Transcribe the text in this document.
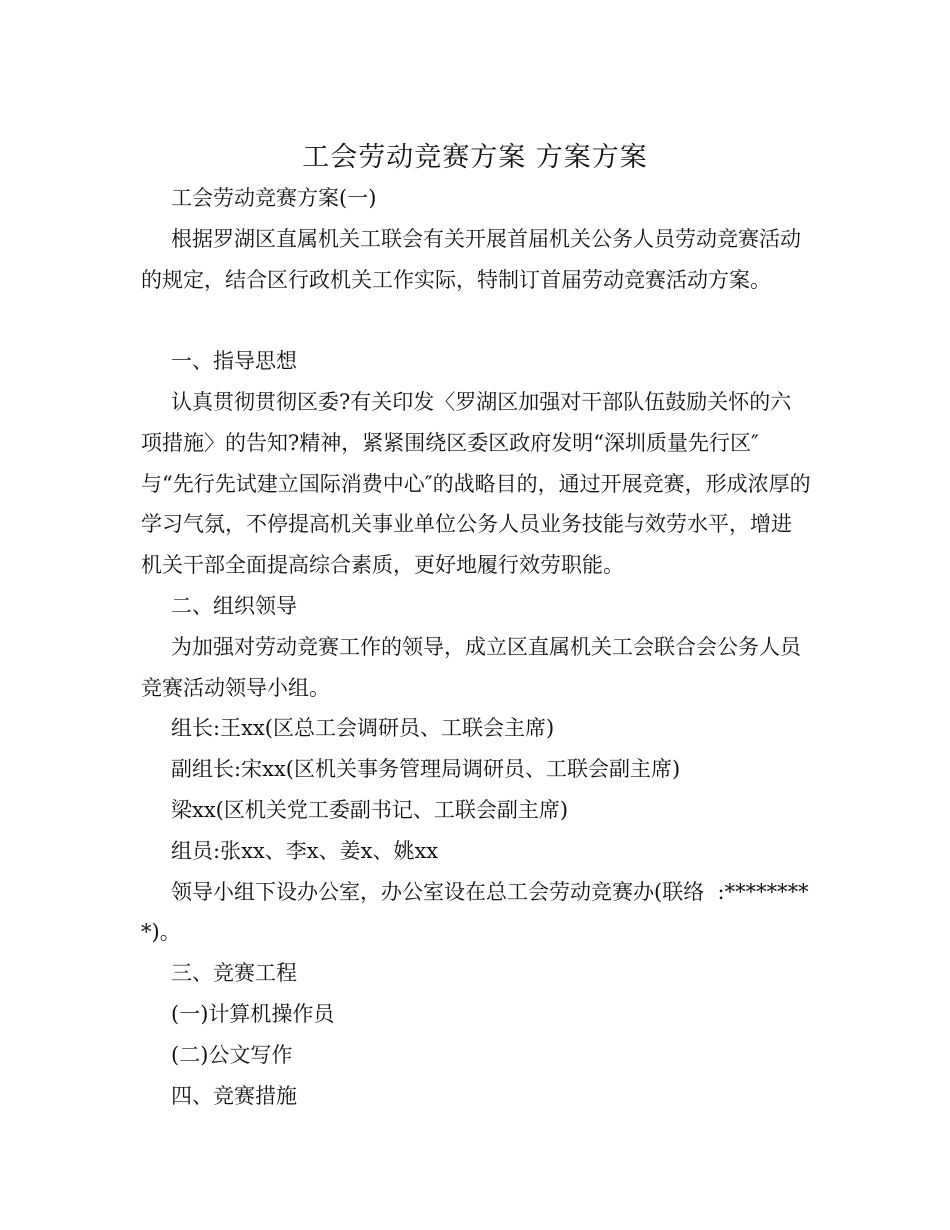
工会劳动竞赛方案 方案方案

工会劳动竞赛方案(一)

根据罗湖区直属机关工联会有关开展首届机关公务人员劳动竞赛活动的规定，结合区行政机关工作实际，特制订首届劳动竞赛活动方案。

一、指导思想

认真贯彻贯彻区委?有关印发〈罗湖区加强对干部队伍鼓励关怀的六项措施〉的告知?精神，紧紧围绕区委区政府发明“深圳质量先行区″与“先行先试建立国际消费中心″的战略目的，通过开展竞赛，形成浓厚的学习气氛，不停提高机关事业单位公务人员业务技能与效劳水平，增进机关干部全面提高综合素质，更好地履行效劳职能。

二、组织领导

为加强对劳动竞赛工作的领导，成立区直属机关工会联合会公务人员竞赛活动领导小组。

组长:王xx(区总工会调研员、工联会主席)

副组长:宋xx(区机关事务管理局调研员、工联会副主席)

梁xx(区机关党工委副书记、工联会副主席)

组员:张xx、李x、姜x、姚xx

领导小组下设办公室，办公室设在总工会劳动竞赛办(联络  :*********)。

三、竞赛工程

(一)计算机操作员

(二)公文写作

四、竞赛措施
